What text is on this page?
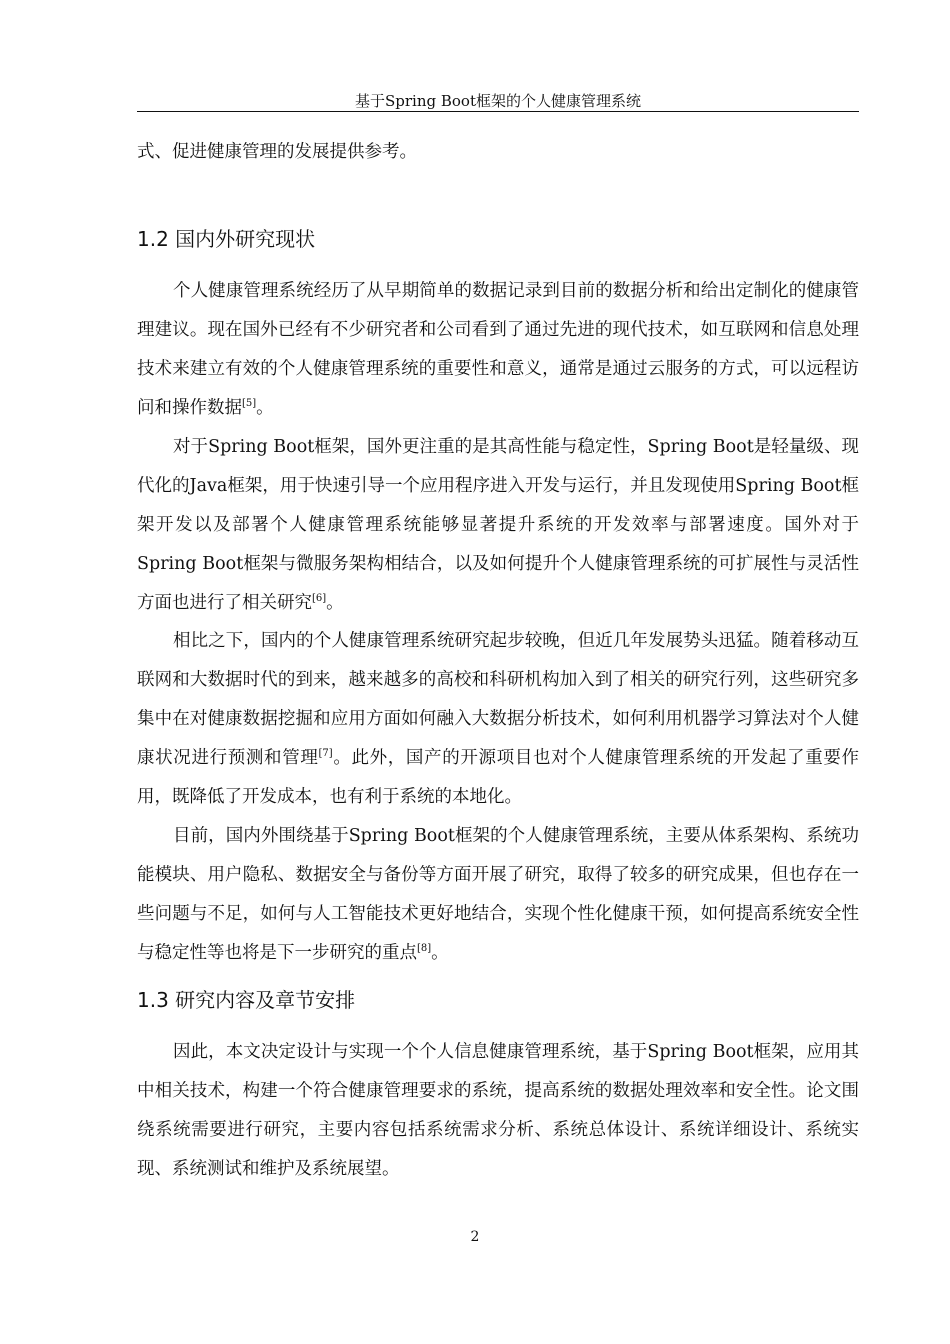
基于Spring Boot框架的个人健康管理系统

式、促进健康管理的发展提供参考。

1.2 国内外研究现状

个人健康管理系统经历了从早期简单的数据记录到目前的数据分析和给出定制化的健康管理建议。现在国外已经有不少研究者和公司看到了通过先进的现代技术，如互联网和信息处理技术来建立有效的个人健康管理系统的重要性和意义，通常是通过云服务的方式，可以远程访问和操作数据[5]。

对于Spring Boot框架，国外更注重的是其高性能与稳定性，Spring Boot是轻量级、现代化的Java框架，用于快速引导一个应用程序进入开发与运行，并且发现使用Spring Boot框架开发以及部署个人健康管理系统能够显著提升系统的开发效率与部署速度。国外对于Spring Boot框架与微服务架构相结合，以及如何提升个人健康管理系统的可扩展性与灵活性方面也进行了相关研究[6]。

相比之下，国内的个人健康管理系统研究起步较晚，但近几年发展势头迅猛。随着移动互联网和大数据时代的到来，越来越多的高校和科研机构加入到了相关的研究行列，这些研究多集中在对健康数据挖掘和应用方面如何融入大数据分析技术，如何利用机器学习算法对个人健康状况进行预测和管理[7]。此外，国产的开源项目也对个人健康管理系统的开发起了重要作用，既降低了开发成本，也有利于系统的本地化。

目前，国内外围绕基于Spring Boot框架的个人健康管理系统，主要从体系架构、系统功能模块、用户隐私、数据安全与备份等方面开展了研究，取得了较多的研究成果，但也存在一些问题与不足，如何与人工智能技术更好地结合，实现个性化健康干预，如何提高系统安全性与稳定性等也将是下一步研究的重点[8]。

1.3 研究内容及章节安排

因此，本文决定设计与实现一个个人信息健康管理系统，基于Spring Boot框架，应用其中相关技术，构建一个符合健康管理要求的系统，提高系统的数据处理效率和安全性。论文围绕系统需要进行研究，主要内容包括系统需求分析、系统总体设计、系统详细设计、系统实现、系统测试和维护及系统展望。

2
